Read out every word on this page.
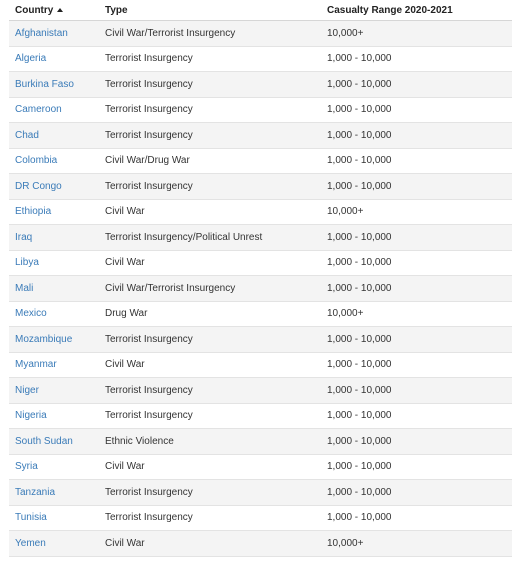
Country	Type	Casualty Range 2020-2021
Afghanistan	Civil War/Terrorist Insurgency	10,000+
Algeria	Terrorist Insurgency	1,000 - 10,000
Burkina Faso	Terrorist Insurgency	1,000 - 10,000
Cameroon	Terrorist Insurgency	1,000 - 10,000
Chad	Terrorist Insurgency	1,000 - 10,000
Colombia	Civil War/Drug War	1,000 - 10,000
DR Congo	Terrorist Insurgency	1,000 - 10,000
Ethiopia	Civil War	10,000+
Iraq	Terrorist Insurgency/Political Unrest	1,000 - 10,000
Libya	Civil War	1,000 - 10,000
Mali	Civil War/Terrorist Insurgency	1,000 - 10,000
Mexico	Drug War	10,000+
Mozambique	Terrorist Insurgency	1,000 - 10,000
Myanmar	Civil War	1,000 - 10,000
Niger	Terrorist Insurgency	1,000 - 10,000
Nigeria	Terrorist Insurgency	1,000 - 10,000
South Sudan	Ethnic Violence	1,000 - 10,000
Syria	Civil War	1,000 - 10,000
Tanzania	Terrorist Insurgency	1,000 - 10,000
Tunisia	Terrorist Insurgency	1,000 - 10,000
Yemen	Civil War	10,000+
